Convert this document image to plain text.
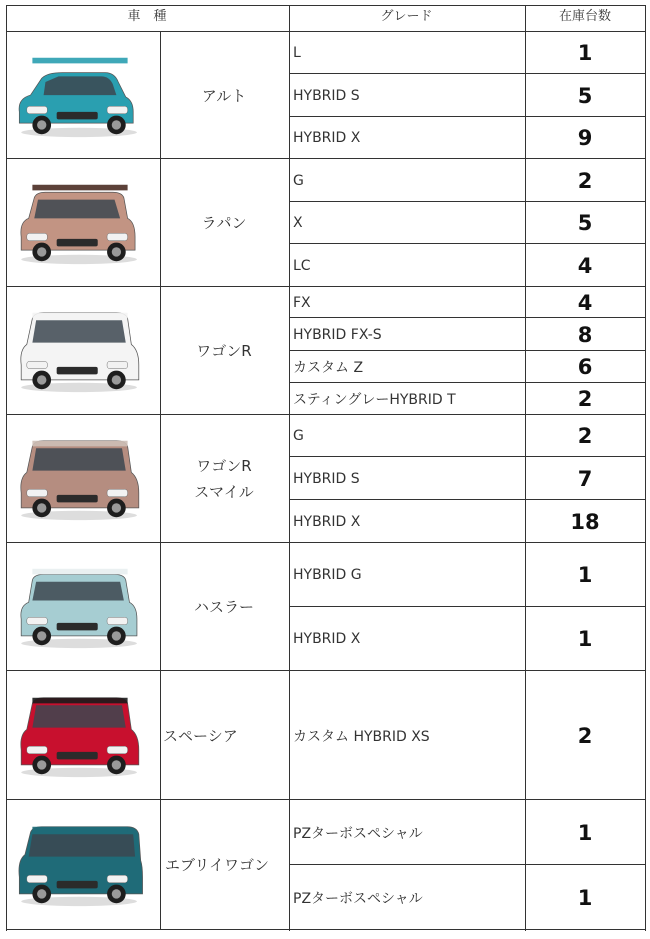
車　種	グレード	在庫台数
アルト
L	1
HYBRID S	5
HYBRID X	9
ラパン
G	2
X	5
LC	4
ワゴンR
FX	4
HYBRID FX-S	8
カスタム Z	6
スティングレーHYBRID T	2
ワゴンR
スマイル
G	2
HYBRID S	7
HYBRID X	18
ハスラー
HYBRID G	1
HYBRID X	1
スペーシア	カスタム HYBRID XS	2
エブリイワゴン
PZターボスペシャル	1
PZターボスペシャル	1
